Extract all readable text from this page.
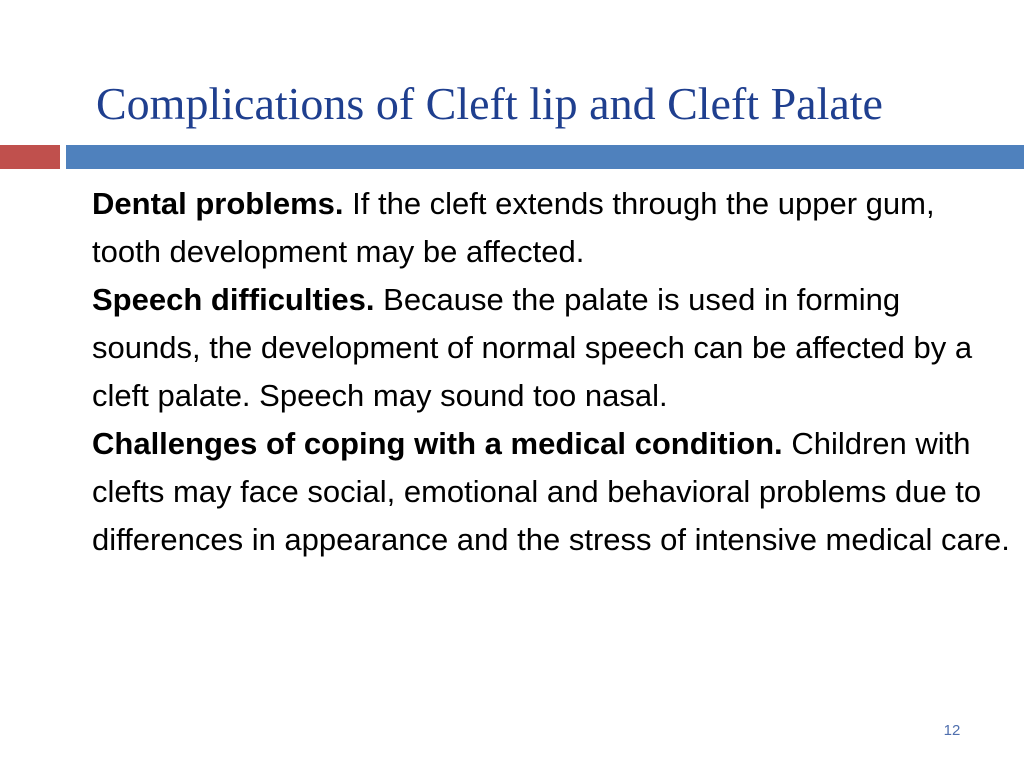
Complications of Cleft lip and Cleft Palate

Dental problems. If the cleft extends through the upper gum, tooth development may be affected.

Speech difficulties. Because the palate is used in forming sounds, the development of normal speech can be affected by a cleft palate. Speech may sound too nasal.

Challenges of coping with a medical condition. Children with clefts may face social, emotional and behavioral problems due to differences in appearance and the stress of intensive medical care.

12
